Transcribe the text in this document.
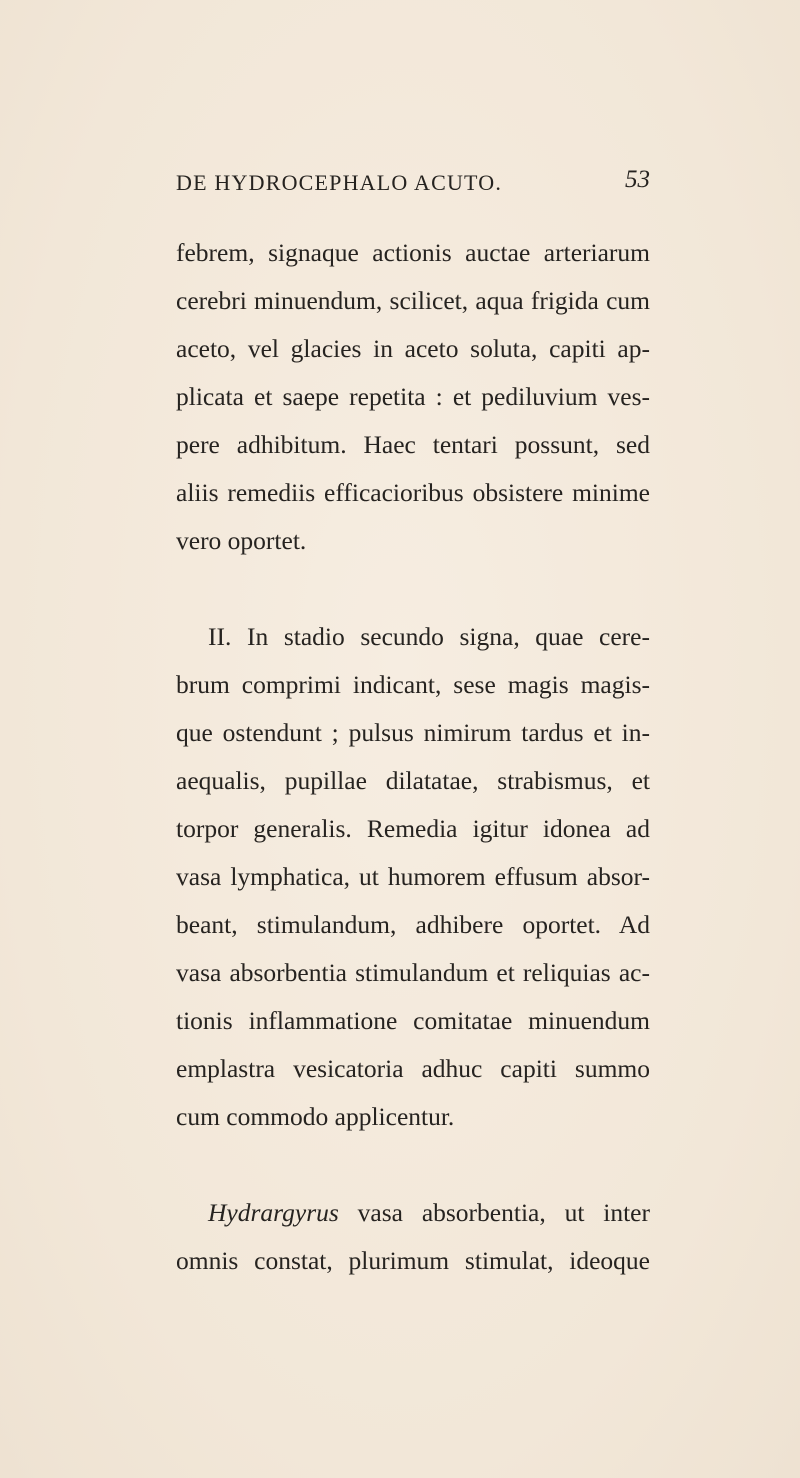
DE HYDROCEPHALO ACUTO.	53
febrem, signaque actionis auctae arteriarum
cerebri minuendum, scilicet, aqua frigida cum
aceto, vel glacies in aceto soluta, capiti ap-
plicata et saepe repetita : et pediluvium ves-
pere adhibitum. Haec tentari possunt, sed
aliis remediis efficacioribus obsistere minime
vero oportet.
II. In stadio secundo signa, quae cere-
brum comprimi indicant, sese magis magis-
que ostendunt ; pulsus nimirum tardus et in-
aequalis, pupillae dilatatae, strabismus, et
torpor generalis. Remedia igitur idonea ad
vasa lymphatica, ut humorem effusum absor-
beant, stimulandum, adhibere oportet. Ad
vasa absorbentia stimulandum et reliquias ac-
tionis inflammatione comitatae minuendum
emplastra vesicatoria adhuc capiti summo
cum commodo applicentur.
Hydrargyrus vasa absorbentia, ut inter
omnis constat, plurimum stimulat, ideoque
